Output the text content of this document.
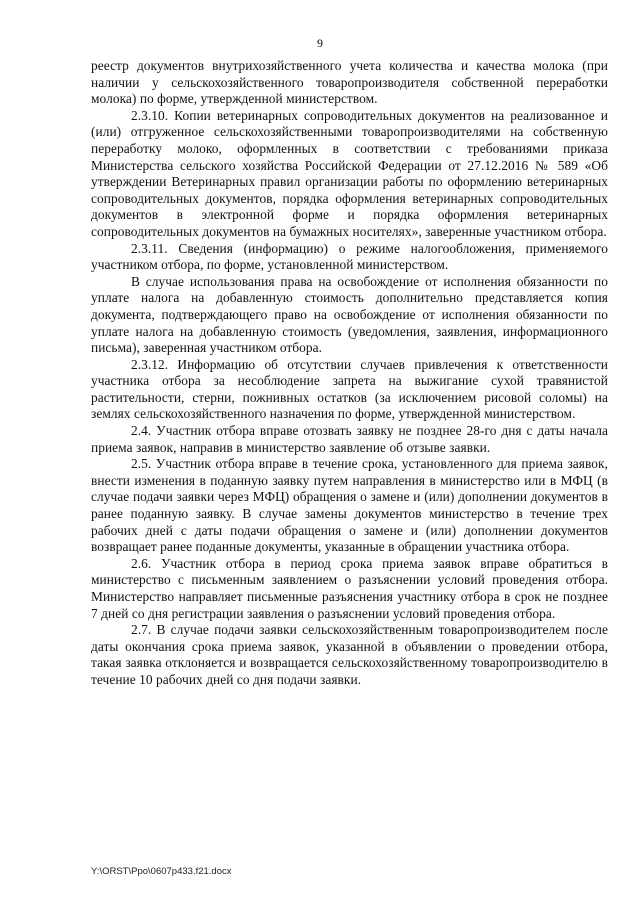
9

реестр документов внутрихозяйственного учета количества и качества молока (при наличии у сельскохозяйственного товаропроизводителя собственной переработки молока) по форме, утвержденной министерством.

2.3.10. Копии ветеринарных сопроводительных документов на реализованное и (или) отгруженное сельскохозяйственными товаропроизводителями на собственную переработку молоко, оформленных в соответствии с требованиями приказа Министерства сельского хозяйства Российской Федерации от 27.12.2016 № 589 «Об утверждении Ветеринарных правил организации работы по оформлению ветеринарных сопроводительных документов, порядка оформления ветеринарных сопроводительных документов в электронной форме и порядка оформления ветеринарных сопроводительных документов на бумажных носителях», заверенные участником отбора.

2.3.11. Сведения (информацию) о режиме налогообложения, применяемого участником отбора, по форме, установленной министерством.

В случае использования права на освобождение от исполнения обязанности по уплате налога на добавленную стоимость дополнительно представляется копия документа, подтверждающего право на освобождение от исполнения обязанности по уплате налога на добавленную стоимость (уведомления, заявления, информационного письма), заверенная участником отбора.

2.3.12. Информацию об отсутствии случаев привлечения к ответственности участника отбора за несоблюдение запрета на выжигание сухой травянистой растительности, стерни, пожнивных остатков (за исключением рисовой соломы) на землях сельскохозяйственного назначения по форме, утвержденной министерством.

2.4. Участник отбора вправе отозвать заявку не позднее 28-го дня с даты начала приема заявок, направив в министерство заявление об отзыве заявки.

2.5. Участник отбора вправе в течение срока, установленного для приема заявок, внести изменения в поданную заявку путем направления в министерство или в МФЦ (в случае подачи заявки через МФЦ) обращения о замене и (или) дополнении документов в ранее поданную заявку. В случае замены документов министерство в течение трех рабочих дней с даты подачи обращения о замене и (или) дополнении документов возвращает ранее поданные документы, указанные в обращении участника отбора.

2.6. Участник отбора в период срока приема заявок вправе обратиться в министерство с письменным заявлением о разъяснении условий проведения отбора. Министерство направляет письменные разъяснения участнику отбора в срок не позднее 7 дней со дня регистрации заявления о разъяснении условий проведения отбора.

2.7. В случае подачи заявки сельскохозяйственным товаропроизводителем после даты окончания срока приема заявок, указанной в объявлении о проведении отбора, такая заявка отклоняется и возвращается сельскохозяйственному товаропроизводителю в течение 10 рабочих дней со дня подачи заявки.

Y:\ORST\Ppo\0607p433.f21.docx
